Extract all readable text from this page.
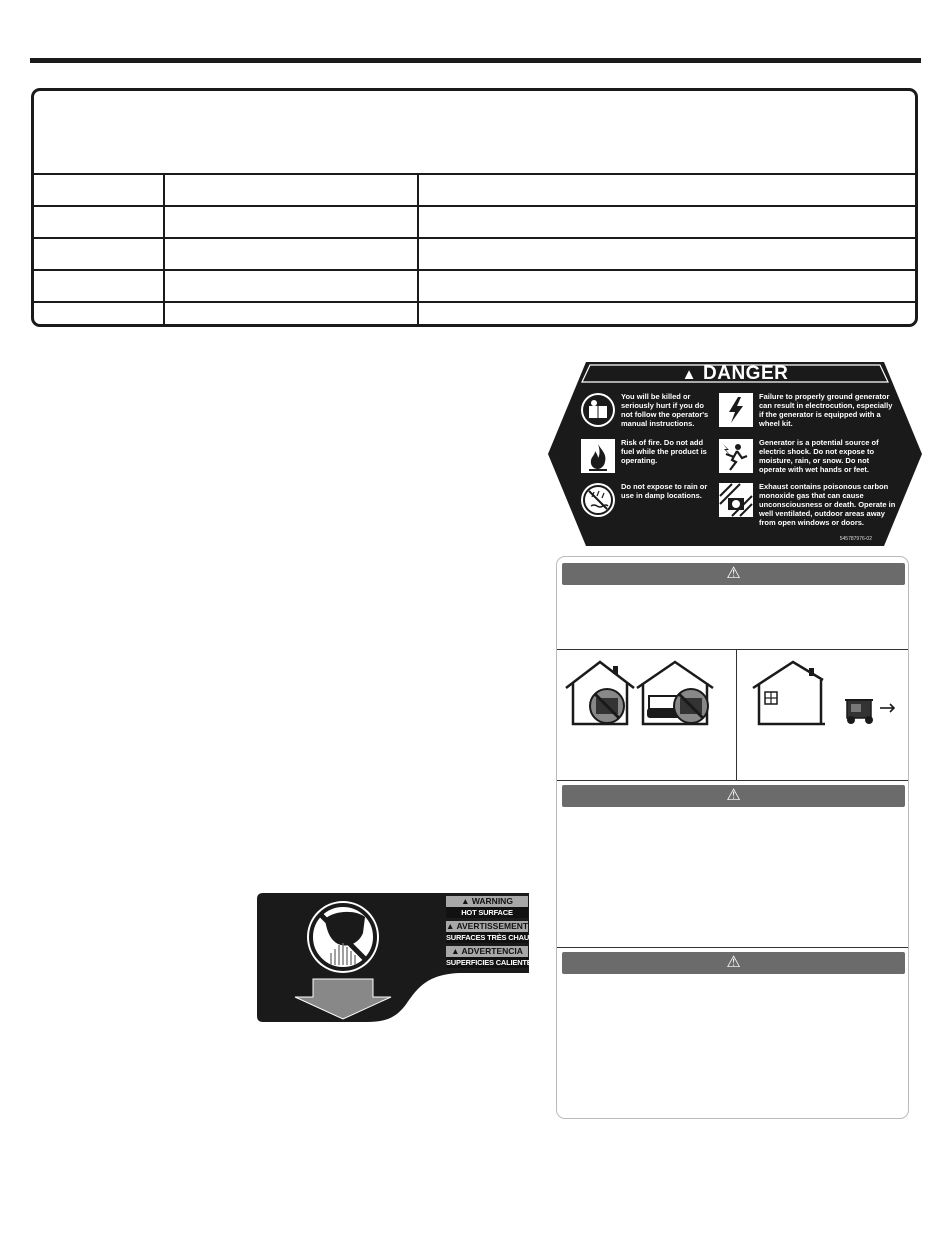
▲ DANGER
You will be killed or seriously hurt if you do not follow the operator's manual instructions.
Failure to properly ground generator can result in electrocution, especially if the generator is equipped with a wheel kit.
Risk of fire. Do not add fuel while the product is operating.
Generator is a potential source of electric shock. Do not expose to moisture, rain, or snow. Do not operate with wet hands or feet.
Do not expose to rain or use in damp locations.
Exhaust contains poisonous carbon monoxide gas that can cause unconsciousness or death. Operate in well ventilated, outdoor areas away from open windows or doors.
545787976-02
⚠
⚠
⚠
▲ WARNING
HOT SURFACE
▲ AVERTISSEMENT
SURFACES TRÈS CHAUDE
▲ ADVERTENCIA
SUPERFICIES CALIENTE
